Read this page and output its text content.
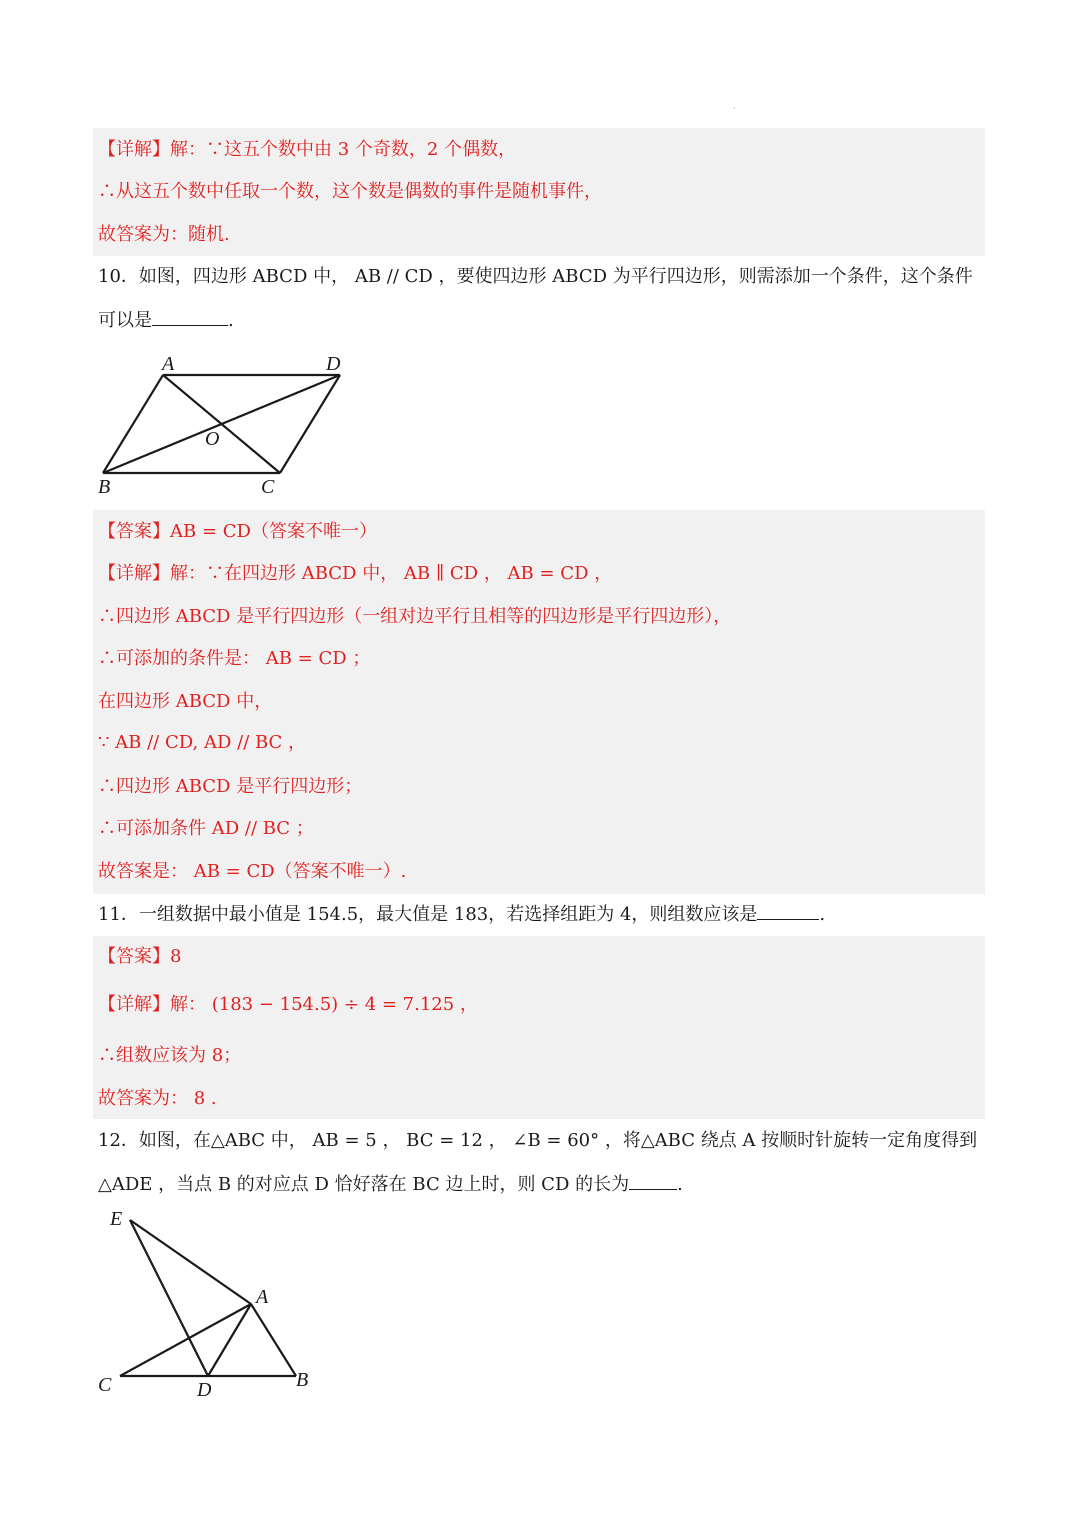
·
【详解】解：∵这五个数中由 3 个奇数，2 个偶数，
∴从这五个数中任取一个数，这个数是偶数的事件是随机事件，
故答案为：随机.
10．如图，四边形 ABCD 中， AB // CD ，要使四边形 ABCD 为平行四边形，则需添加一个条件，这个条件
可以是	.
A	D
O
B	C
【答案】AB = CD（答案不唯一）
【详解】解：∵在四边形 ABCD 中， AB ∥ CD ， AB = CD ，
∴四边形 ABCD 是平行四边形（一组对边平行且相等的四边形是平行四边形），
∴可添加的条件是： AB = CD ；
在四边形 ABCD 中，
∵ AB // CD, AD // BC ，
∴四边形 ABCD 是平行四边形；
∴可添加条件 AD // BC ；
故答案是： AB = CD（答案不唯一）.
11．一组数据中最小值是 154.5，最大值是 183，若选择组距为 4，则组数应该是	.
【答案】8
【详解】解： (183 − 154.5) ÷ 4 = 7.125 ，
∴组数应该为 8；
故答案为： 8 .
12．如图，在△ABC 中， AB = 5 ， BC = 12 ， ∠B = 60° ，将△ABC 绕点 A 按顺时针旋转一定角度得到
△ADE ，当点 B 的对应点 D 恰好落在 BC 边上时，则 CD 的长为	.
E
A
C	D	B
